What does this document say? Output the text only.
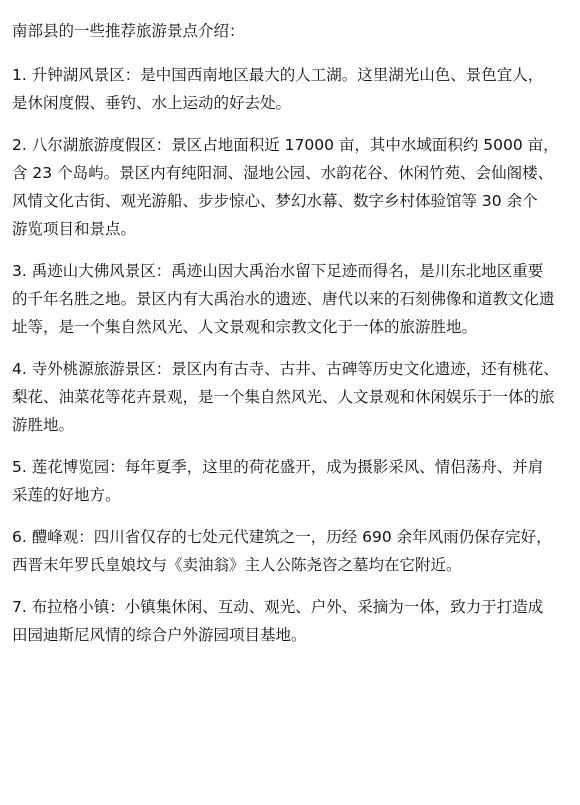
南部县的一些推荐旅游景点介绍：
1. 升钟湖风景区：是中国西南地区最大的人工湖。这里湖光山色、景色宜人，
是休闲度假、垂钓、水上运动的好去处。
2. 八尔湖旅游度假区：景区占地面积近 17000 亩，其中水域面积约 5000 亩，
含 23 个岛屿。景区内有纯阳洞、湿地公园、水韵花谷、休闲竹苑、会仙阁楼、
风情文化古街、观光游船、步步惊心、梦幻水幕、数字乡村体验馆等 30 余个
游览项目和景点。
3. 禹迹山大佛风景区：禹迹山因大禹治水留下足迹而得名，是川东北地区重要
的千年名胜之地。景区内有大禹治水的遗迹、唐代以来的石刻佛像和道教文化遗
址等，是一个集自然风光、人文景观和宗教文化于一体的旅游胜地。
4. 寺外桃源旅游景区：景区内有古寺、古井、古碑等历史文化遗迹，还有桃花、
梨花、油菜花等花卉景观，是一个集自然风光、人文景观和休闲娱乐于一体的旅
游胜地。
5. 莲花博览园：每年夏季，这里的荷花盛开，成为摄影采风、情侣荡舟、并肩
采莲的好地方。
6. 醴峰观：四川省仅存的七处元代建筑之一，历经 690 余年风雨仍保存完好，
西晋末年罗氏皇娘坟与《卖油翁》主人公陈尧咨之墓均在它附近。
7. 布拉格小镇：小镇集休闲、互动、观光、户外、采摘为一体，致力于打造成
田园迪斯尼风情的综合户外游园项目基地。
